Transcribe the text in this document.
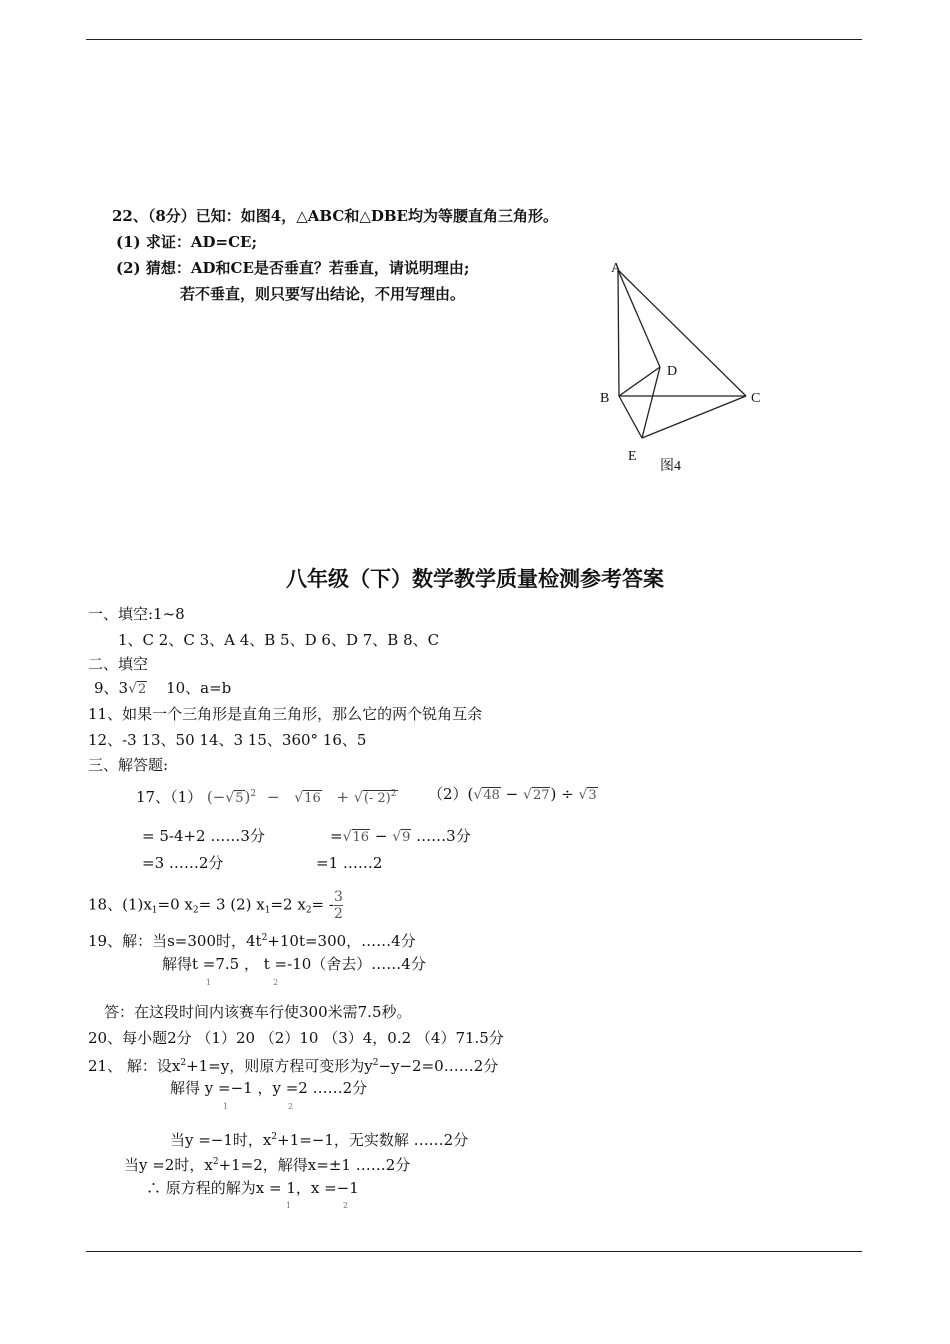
22、（8分）已知：如图4，△ABC和△DBE均为等腰直角三角形。
(1) 求证：AD=CE;
(2) 猜想：AD和CE是否垂直？若垂直，请说明理由;
若不垂直，则只要写出结论，不用写理由。
A
B	C
D
E
图4
八年级（下）数学教学质量检测参考答案
一、填空:1~8
1、C 2、C 3、A 4、B 5、D 6、D 7、B 8、C
二、填空
9、3√2 10、a=b
11、如果一个三角形是直角三角形，那么它的两个锐角互余
12、-3 13、50 14、3 15、360° 16、5
三、解答题:
17、（1） $(-√5)^2 - √16$ + √(- 2)$^2$ （2）(√48 − √27) ÷ √3
= 5-4+2 ……3分	=√16 − √9 ……3分
=3 ……2分	=1 ……2
18、$(1)x_1=0$ $x_2= 3$ (2) $x_1=2$ $x_2= - \frac{3}{2}$
19、解：当s=300时，$4t^2+10t=300$，……4分
解得t =7.5 ， t =-10（舍去）……4分
1	2
答：在这段时间内该赛车行使300米需7.5秒。
20、每小题2分 （1）20 （2）10 （3）4，0.2 （4）71.5分
21、 解：设$x^2+1=y$，则原方程可变形为$y^2-y-2=0\dots\dots 2$分
解得 y =−1 ，y =2 ……2分
1	2
当y =−1时，$x^2+1=-1$，无实数解 ……2分
当y =2时，$x^2+1=2$，解得x=±1 ……2分
∴ 原方程的解为x = 1，x =−1
1	2
